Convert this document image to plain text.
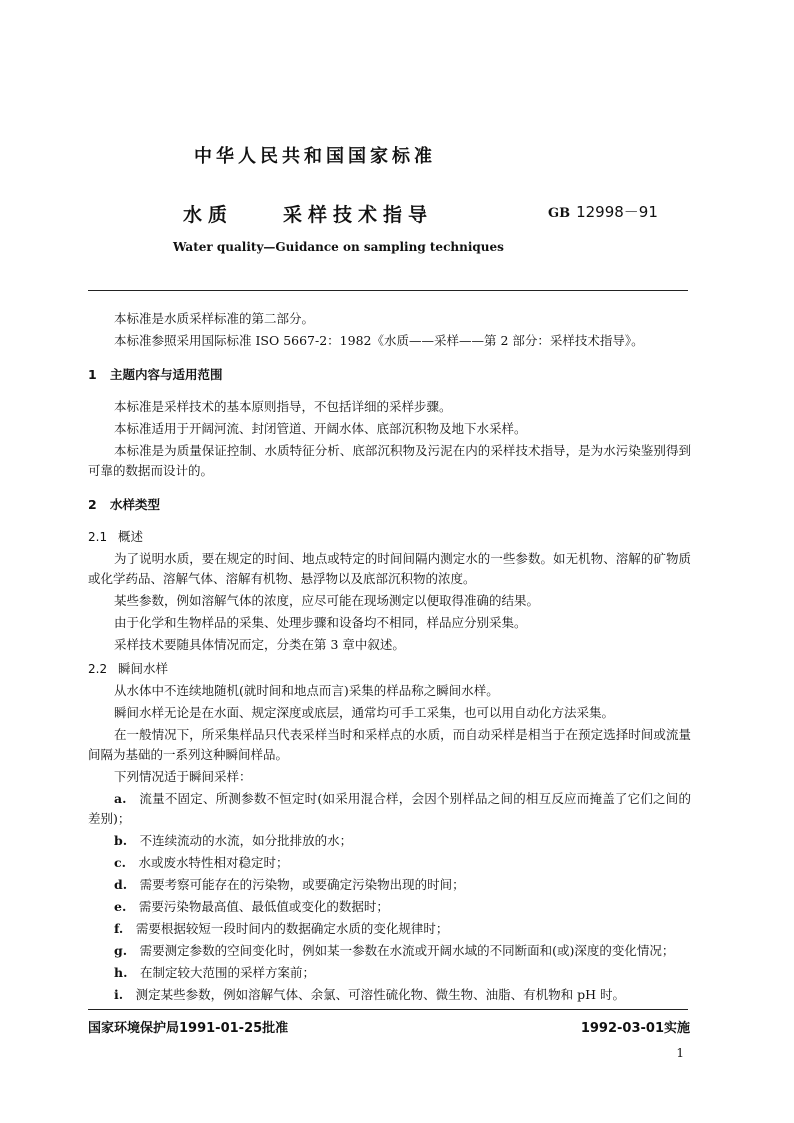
中华人民共和国国家标准
水质　　采样技术指导	GB 12998－91
Water quality—Guidance on sampling techniques

本标准是水质采样标准的第二部分。

本标准参照采用国际标准 ISO 5667-2：1982《水质——采样——第 2 部分：采样技术指导》。

1 主题内容与适用范围

本标准是采样技术的基本原则指导，不包括详细的采样步骤。

本标准适用于开阔河流、封闭管道、开阔水体、底部沉积物及地下水采样。

本标准是为质量保证控制、水质特征分析、底部沉积物及污泥在内的采样技术指导，是为水污染鉴别得到可靠的数据而设计的。

2 水样类型
2.1 概述

为了说明水质，要在规定的时间、地点或特定的时间间隔内测定水的一些参数。如无机物、溶解的矿物质或化学药品、溶解气体、溶解有机物、悬浮物以及底部沉积物的浓度。

某些参数，例如溶解气体的浓度，应尽可能在现场测定以便取得准确的结果。

由于化学和生物样品的采集、处理步骤和设备均不相同，样品应分别采集。

采样技术要随具体情况而定，分类在第 3 章中叙述。

2.2 瞬间水样

从水体中不连续地随机(就时间和地点而言)采集的样品称之瞬间水样。

瞬间水样无论是在水面、规定深度或底层，通常均可手工采集，也可以用自动化方法采集。

在一般情况下，所采集样品只代表采样当时和采样点的水质，而自动采样是相当于在预定选择时间或流量间隔为基础的一系列这种瞬间样品。

下列情况适于瞬间采样：

a.　 流量不固定、所测参数不恒定时(如采用混合样，会因个别样品之间的相互反应而掩盖了它们之间的差别)；

b.　 不连续流动的水流，如分批排放的水；

c.　 水或废水特性相对稳定时；

d.　 需要考察可能存在的污染物，或要确定污染物出现的时间；

e.　 需要污染物最高值、最低值或变化的数据时；

f.　 需要根据较短一段时间内的数据确定水质的变化规律时；

g.　 需要测定参数的空间变化时，例如某一参数在水流或开阔水域的不同断面和(或)深度的变化情况；

h.　 在制定较大范围的采样方案前；

i.　 测定某些参数，例如溶解气体、余氯、可溶性硫化物、微生物、油脂、有机物和 pH 时。

国家环境保护局1991-01-25批准	1992-03-01实施
1
